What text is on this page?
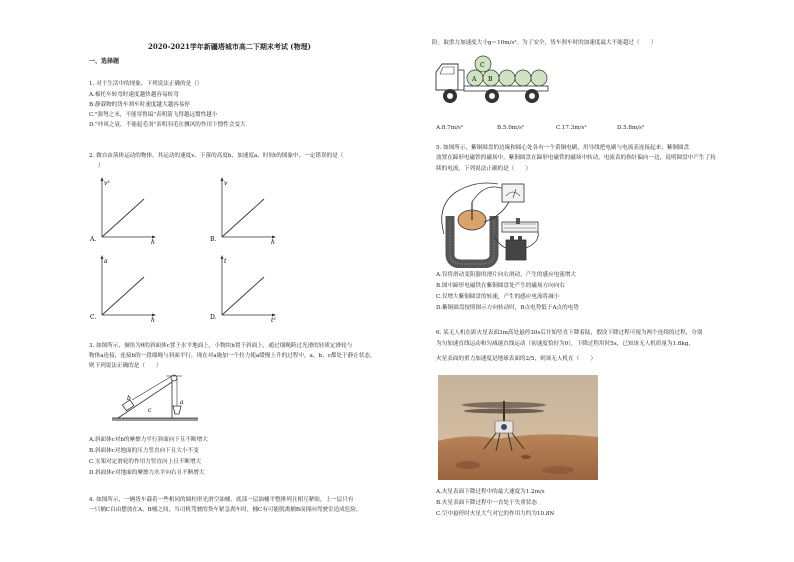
2020-2021学年新疆塔城市高二下期末考试 (物理)
一、选择题
1. 对于生活中的现象，下列说法正确的是（）
A.棉托车转弯时速度越快越容易转弯
B.静载物的货车刹车时速度越大越容易停
C."强弩之末，不能穿鲁缟"表明箭飞得越远惯性越小
D."冲风之衰，不能起毛羽"表明羽毛在飘风的作用下惯性会变大
2. 做自由落体运动的物体，其运动的速度v、下落的高度h、加速度a、时间t的图象中，一定错误的是（
）
v²
h
A.
v
h
B.
a
h
C.
t
t²
D.
3. 如图所示，倾角为θ的斜面体c置于水平地面上，小物块b置于斜面上，通过细绳跨过光滑的轻质定滑轮与
物体a连接，连接b的一段细绳与斜面平行，现在对a施加一个拉力使a缓慢上升的过程中，a、b、c都处于静止状态，
则下列说法正确的是（　　）
b
c
a
A.斜面体c对b的摩擦力平行斜面向下且不断增大
B.斜面体c对地面的压力竖直向下且大小不变
C.支架对定滑轮的作用力竖直向上且不断增大
D.斜面体c对地面的摩擦力水平向右且不断增大
4. 如图所示，一辆货车载着一些相同的圆柱形光滑空油桶，底部一层油桶平整排列且相互紧贴，上一层只有
一只桶C自由摆放在A、B桶之间，当司机驾驶的货车紧急刹车时，桶C有可能脱离桶B而撞向驾驶室造成危险，
险。取重力加速度大小g＝10m/s²。为了安全，货车刹车时的加速度最大不能超过（　　）
A B
C
A.8.7m/s²	B.5.0m/s²	C.17.3m/s²	D.5.8m/s²
5. 如图所示，紫铜圆盘的边缘和圆心处各有一个黄铜电刷，用导线把电刷与电流表连接起来；紫铜圆盘
放置在蹄形电磁铁的磁场中，紫铜圆盘在蹄形电磁铁的磁场中转动，电流表的指针偏向一边，说明圆盘中产生了持
续的电流，下列说法正确的是（　　）
A.仅将滑动变阻器的滑片向右滑动，产生的感应电流增大
B.图中蹄形电磁铁在紫铜圆盘处产生的磁场方向向右
C.仅增大紫铜圆盘的转速，产生的感应电流将减小
D.紫铜圆盘按照图示方向转动时，B点电势低于A点的电势
6. 某无人机在距火星表面3m高处悬停30s后开始竖直下降着陆，假设下降过程可视为两个连续的过程，分别
为匀加速直线运动和匀减速直线运动（初速度恰好为0），下降过程用时5s，已知该无人机质量为1.8kg，
火星表面的重力加速度是地球表面的2/5，则该无人机在（　　）
A.火星表面下降过程中的最大速度为1.2m/s
B.火星表面下降过程中一直处于失重状态
C.空中悬停时火星大气对它的作用力约为10.8N
